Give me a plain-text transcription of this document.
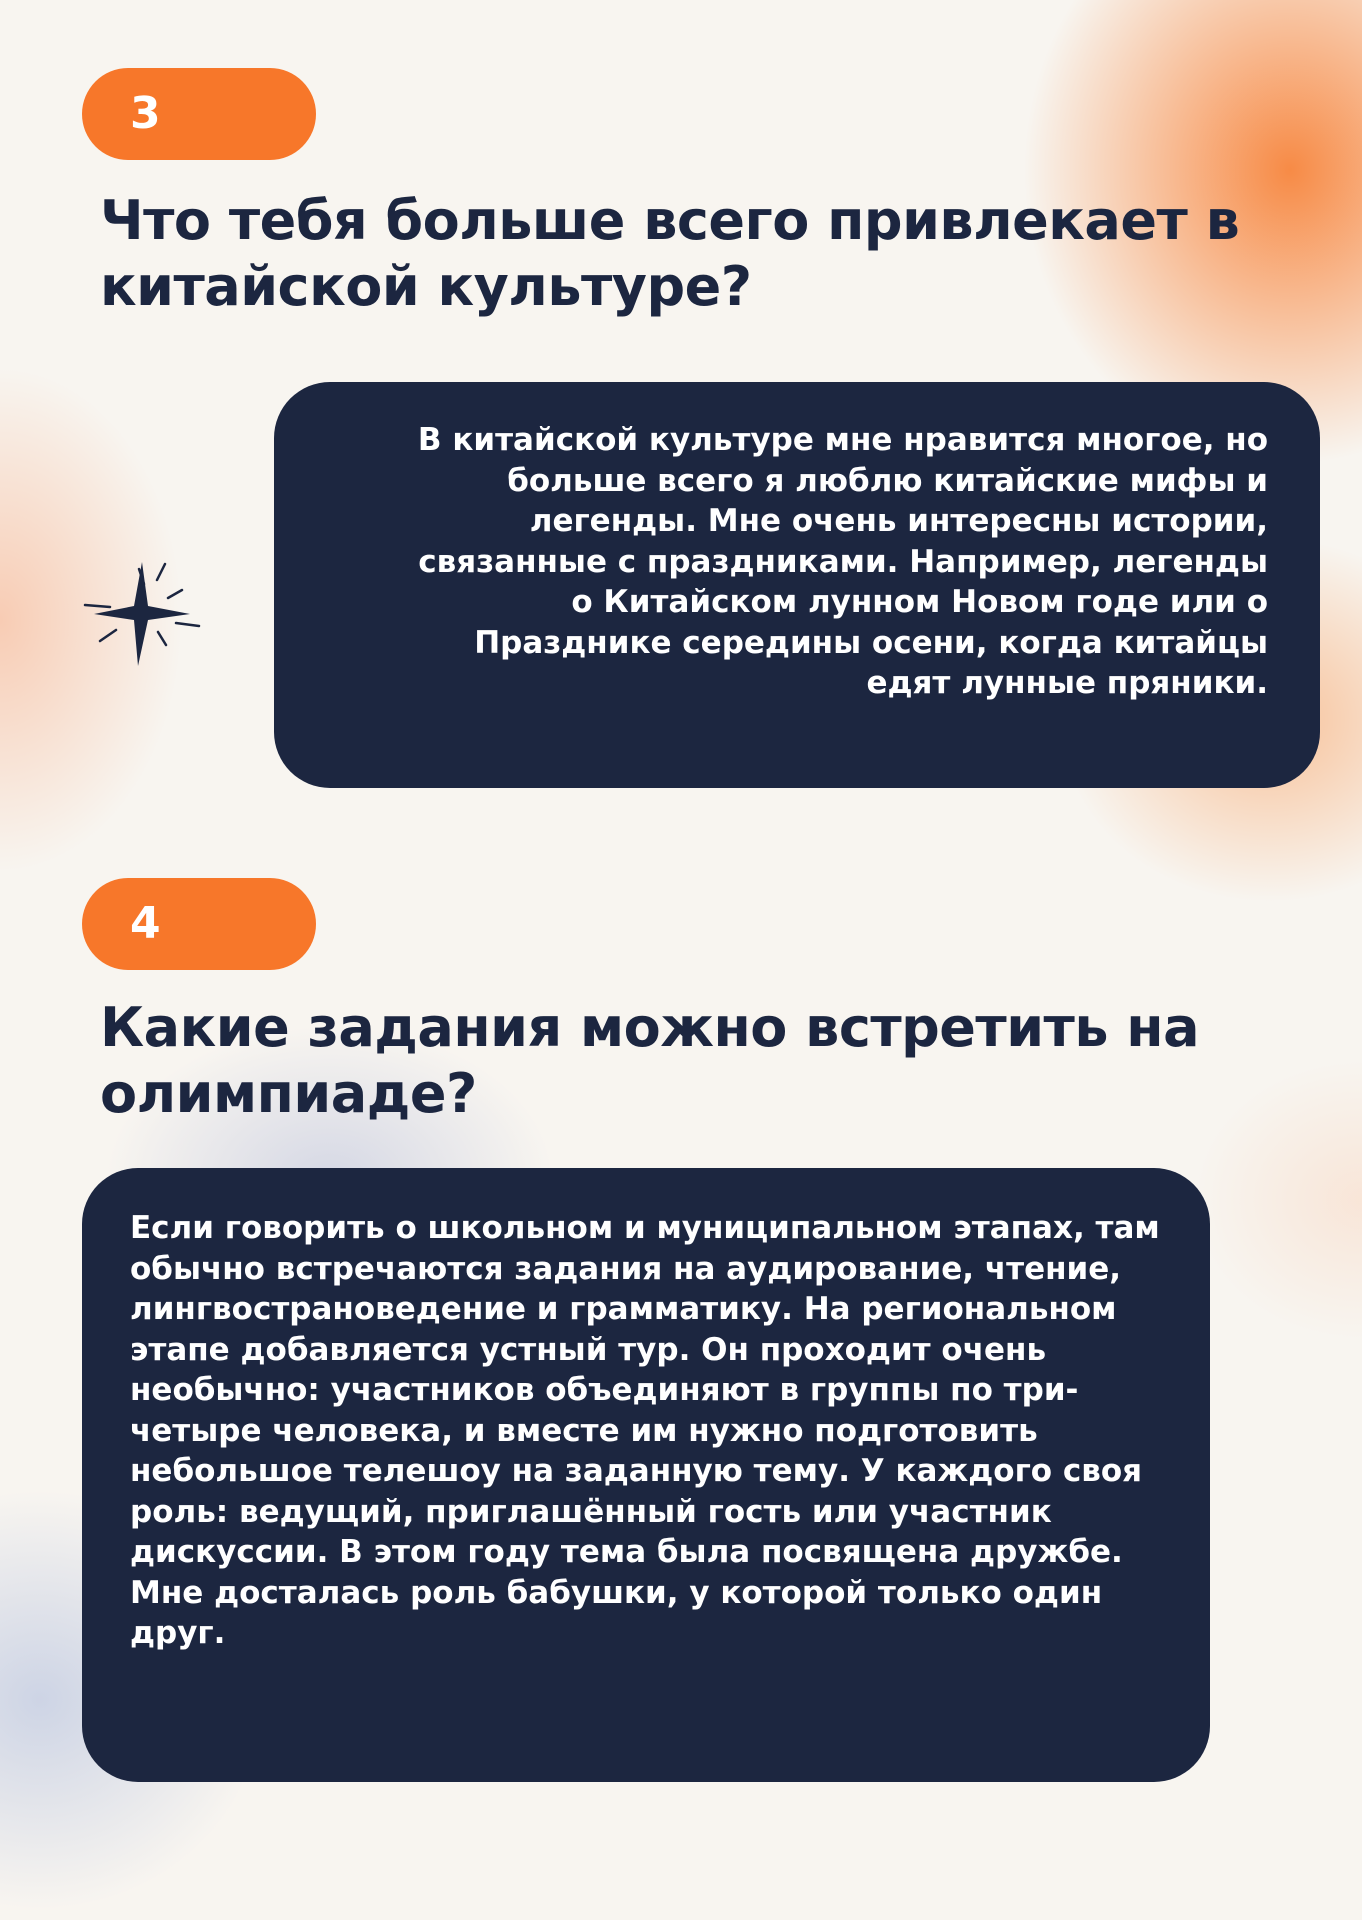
3
Что тебя больше всего привлекает в китайской культуре?

В китайской культуре мне нравится многое, но больше всего я люблю китайские мифы и легенды. Мне очень интересны истории, связанные с праздниками. Например, легенды о Китайском лунном Новом годе или о Празднике середины осени, когда китайцы едят лунные пряники.

4
Какие задания можно встретить на олимпиаде?

Если говорить о школьном и муниципальном этапах, там обычно встречаются задания на аудирование, чтение, лингвострановедение и грамматику. На региональном этапе добавляется устный тур. Он проходит очень необычно: участников объединяют в группы по три-четыре человека, и вместе им нужно подготовить небольшое телешоу на заданную тему. У каждого своя роль: ведущий, приглашённый гость или участник дискуссии. В этом году тема была посвящена дружбе. Мне досталась роль бабушки, у которой только один друг.
